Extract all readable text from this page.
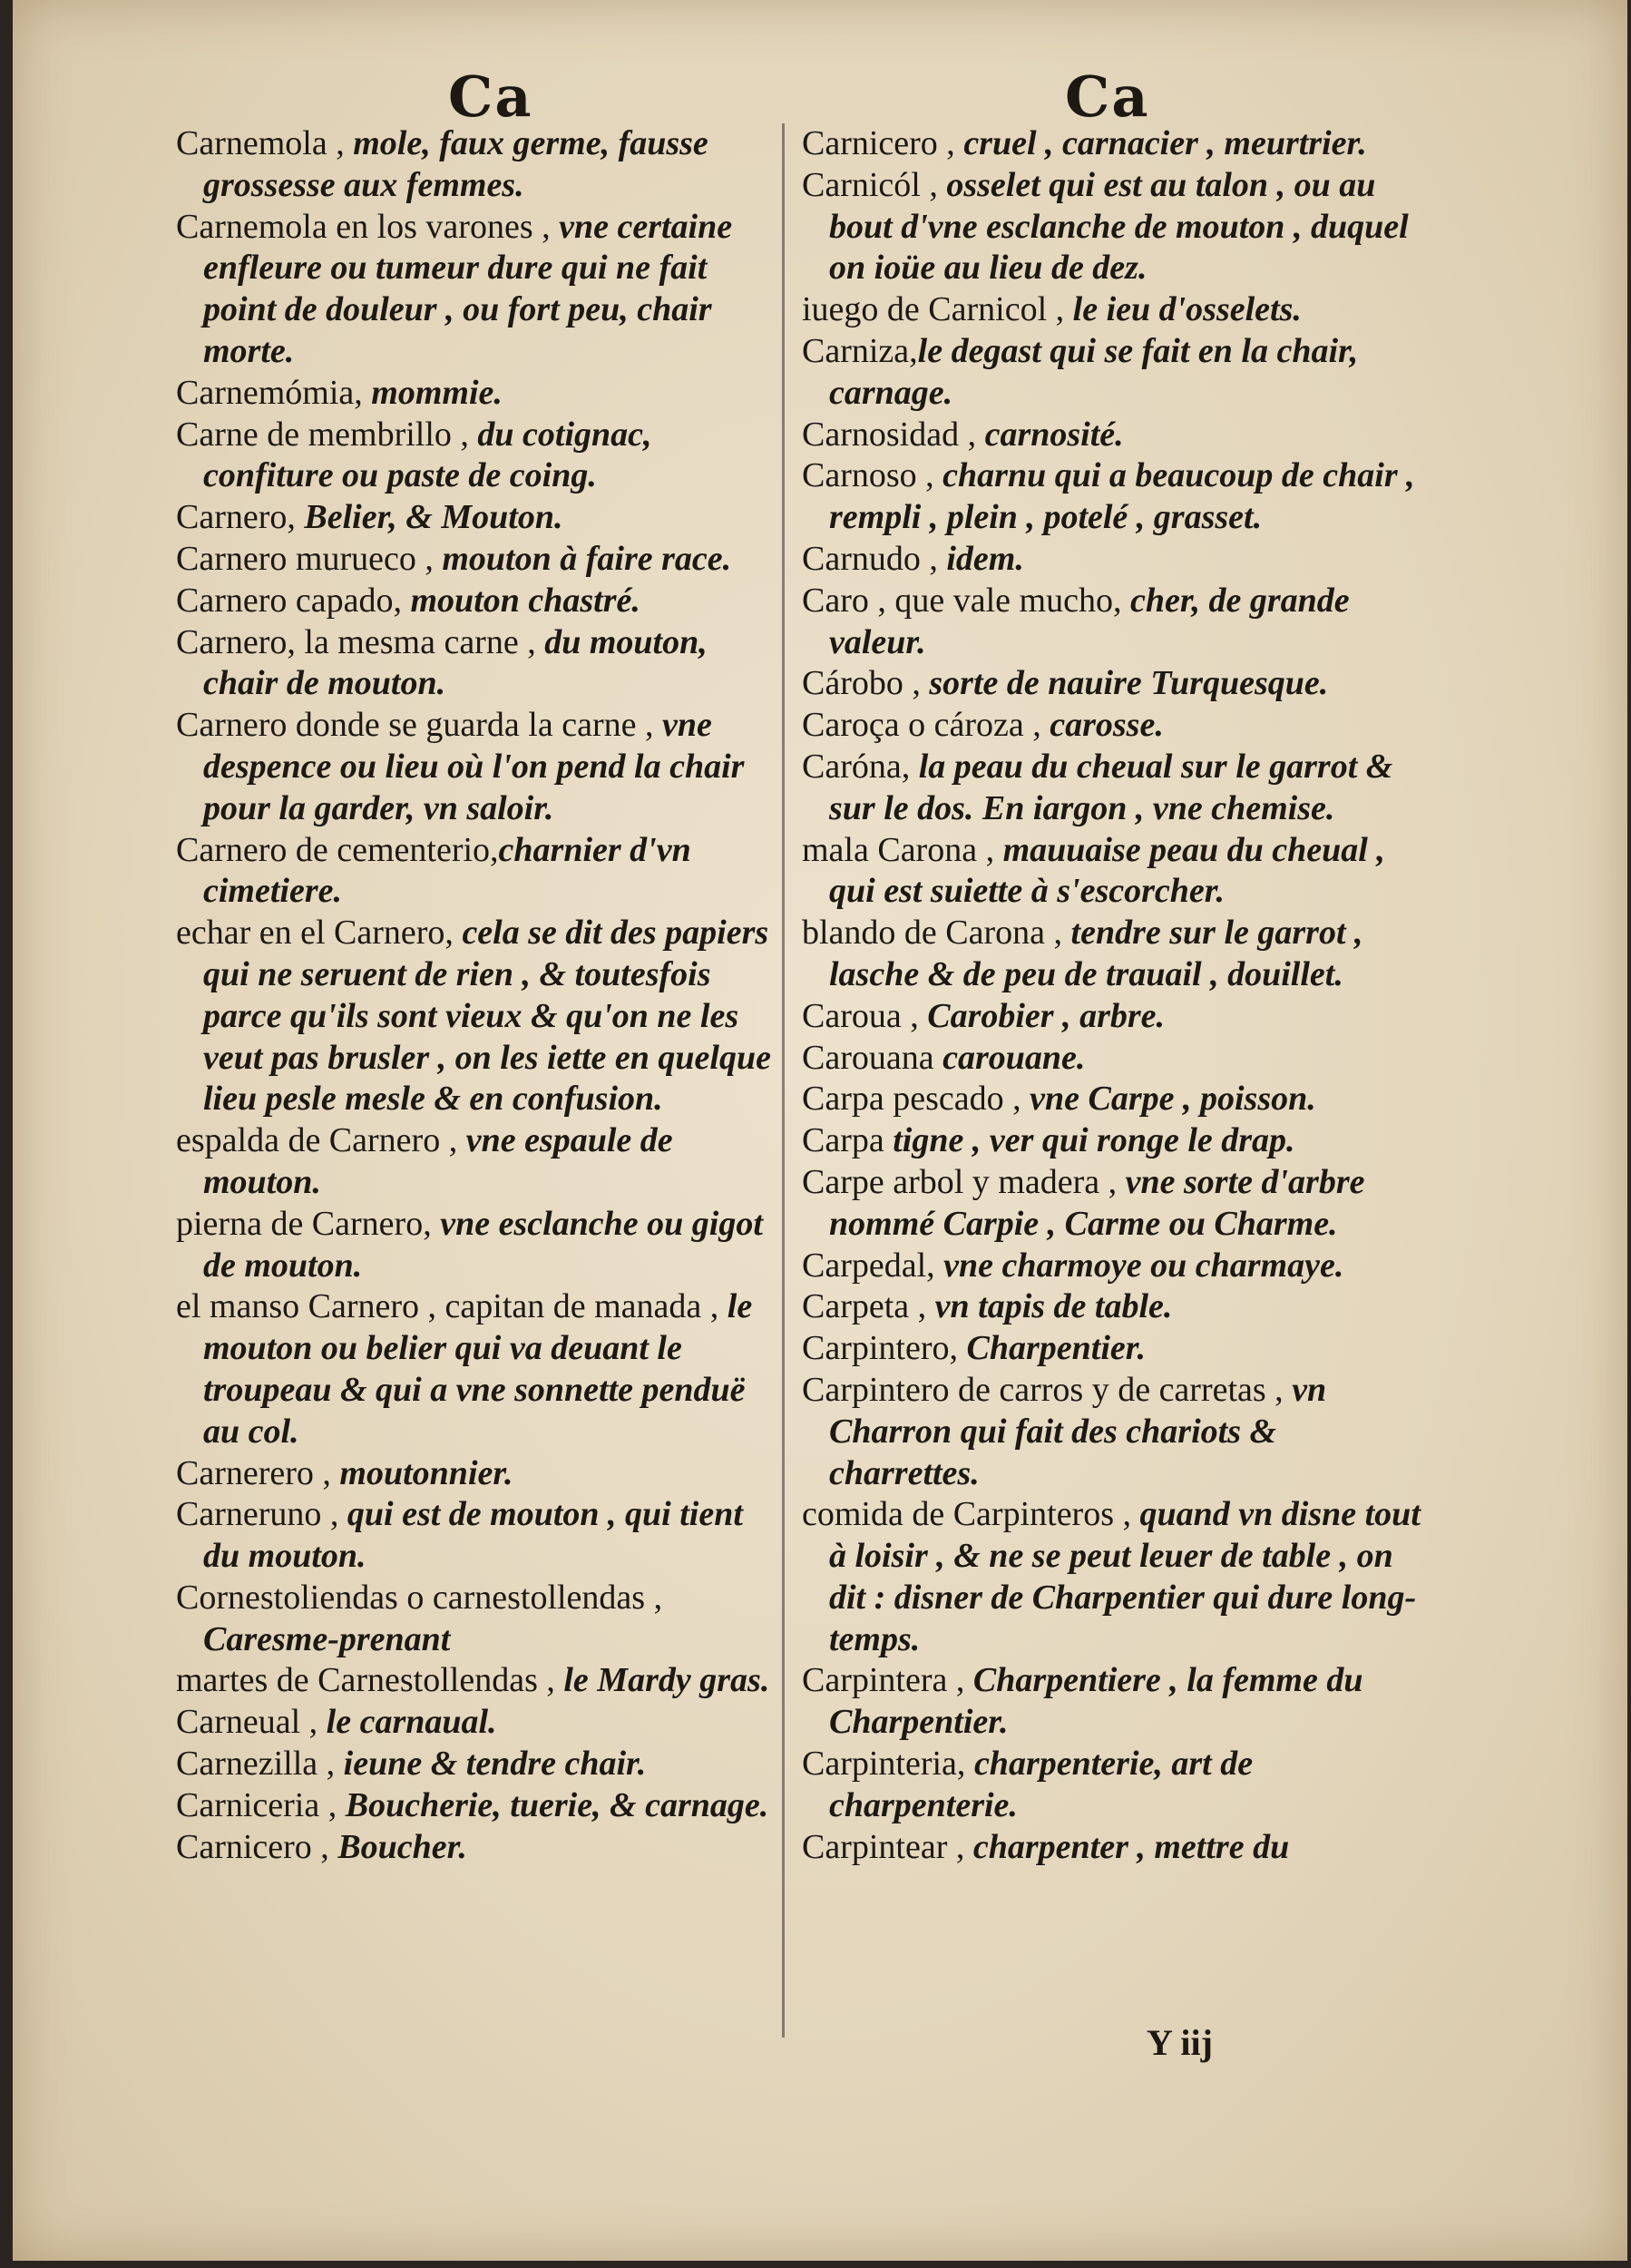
Ca	Ca

Carnemola , mole, faux germe, fausse grossesse aux femmes.

Carnemola en los varones , vne certaine enfleure ou tumeur dure qui ne fait point de douleur , ou fort peu, chair morte.

Carnemómia, mommie.

Carne de membrillo , du cotignac, confiture ou paste de coing.

Carnero, Belier, & Mouton.

Carnero murueco , mouton à faire race.

Carnero capado, mouton chastré.

Carnero, la mesma carne , du mouton, chair de mouton.

Carnero donde se guarda la carne , vne despence ou lieu où l'on pend la chair pour la garder, vn saloir.

Carnero de cementerio,charnier d'vn cimetiere.

echar en el Carnero, cela se dit des papiers qui ne seruent de rien , & toutesfois parce qu'ils sont vieux & qu'on ne les veut pas brusler , on les iette en quelque lieu pesle mesle & en confusion.

espalda de Carnero , vne espaule de mouton.

pierna de Carnero, vne esclanche ou gigot de mouton.

el manso Carnero , capitan de manada , le mouton ou belier qui va deuant le troupeau & qui a vne sonnette penduë au col.

Carnerero , moutonnier.

Carneruno , qui est de mouton , qui tient du mouton.

Cornestoliendas o carnestollendas , Caresme-prenant

martes de Carnestollendas , le Mardy gras.

Carneual , le carnaual.

Carnezilla , ieune & tendre chair.

Carniceria , Boucherie, tuerie, & carnage.

Carnicero , Boucher.

Carnicero , cruel , carnacier , meurtrier.

Carnicól , osselet qui est au talon , ou au bout d'vne esclanche de mouton , duquel on ioüe au lieu de dez.

iuego de Carnicol , le ieu d'osselets.

Carniza,le degast qui se fait en la chair, carnage.

Carnosidad , carnosité.

Carnoso , charnu qui a beaucoup de chair , rempli , plein , potelé , grasset.

Carnudo , idem.

Caro , que vale mucho, cher, de grande valeur.

Cárobo , sorte de nauire Turquesque.

Caroça o cároza , carosse.

Caróna, la peau du cheual sur le garrot & sur le dos. En iargon , vne chemise.

mala Carona , mauuaise peau du cheual , qui est suiette à s'escorcher.

blando de Carona , tendre sur le garrot , lasche & de peu de trauail , douillet.

Caroua , Carobier , arbre.

Carouana carouane.

Carpa pescado , vne Carpe , poisson.

Carpa tigne , ver qui ronge le drap.

Carpe arbol y madera , vne sorte d'arbre nommé Carpie , Carme ou Charme.

Carpedal, vne charmoye ou charmaye.

Carpeta , vn tapis de table.

Carpintero, Charpentier.

Carpintero de carros y de carretas , vn Charron qui fait des chariots & charrettes.

comida de Carpinteros , quand vn disne tout à loisir , & ne se peut leuer de table , on dit : disner de Charpentier qui dure long-temps.

Carpintera , Charpentiere , la femme du Charpentier.

Carpinteria, charpenterie, art de charpenterie.

Carpintear , charpenter , mettre du

Y iij
